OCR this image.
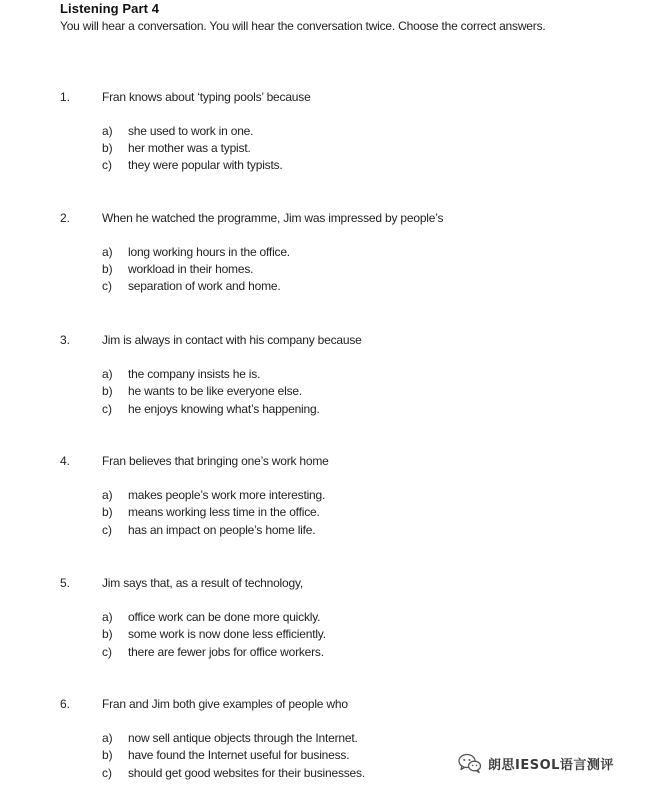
Listening Part 4
You will hear a conversation. You will hear the conversation twice. Choose the correct answers.
1.	Fran knows about ‘typing pools’ because
a) she used to work in one.
b) her mother was a typist.
c) they were popular with typists.
2.	When he watched the programme, Jim was impressed by people’s
a) long working hours in the office.
b) workload in their homes.
c) separation of work and home.
3.	Jim is always in contact with his company because
a) the company insists he is.
b) he wants to be like everyone else.
c) he enjoys knowing what’s happening.
4.	Fran believes that bringing one’s work home
a) makes people’s work more interesting.
b) means working less time in the office.
c) has an impact on people’s home life.
5.	Jim says that, as a result of technology,
a) office work can be done more quickly.
b) some work is now done less efficiently.
c) there are fewer jobs for office workers.
6.	Fran and Jim both give examples of people who
a) now sell antique objects through the Internet.
b) have found the Internet useful for business.
c) should get good websites for their businesses.
朗思IESOL语言测评
